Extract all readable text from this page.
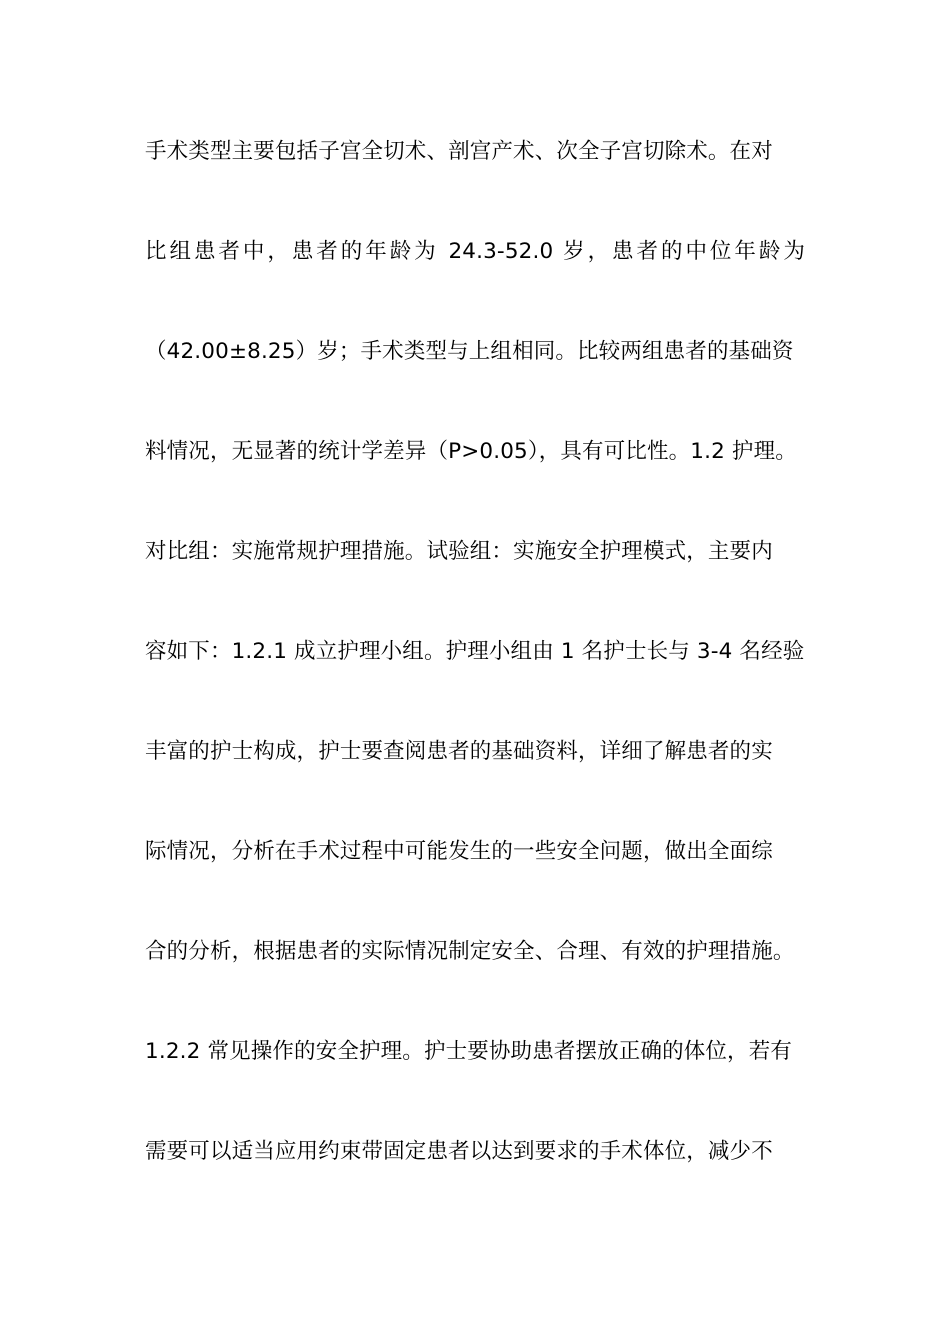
手术类型主要包括子宫全切术、剖宫产术、次全子宫切除术。在对
比组患者中，患者的年龄为 24.3-52.0 岁，患者的中位年龄为
（42.00±8.25）岁；手术类型与上组相同。比较两组患者的基础资
料情况，无显著的统计学差异（P>0.05），具有可比性。1.2 护理。
对比组：实施常规护理措施。试验组：实施安全护理模式，主要内
容如下：1.2.1 成立护理小组。护理小组由 1 名护士长与 3-4 名经验
丰富的护士构成，护士要查阅患者的基础资料，详细了解患者的实
际情况，分析在手术过程中可能发生的一些安全问题，做出全面综
合的分析，根据患者的实际情况制定安全、合理、有效的护理措施。
1.2.2 常见操作的安全护理。护士要协助患者摆放正确的体位，若有
需要可以适当应用约束带固定患者以达到要求的手术体位，减少不
